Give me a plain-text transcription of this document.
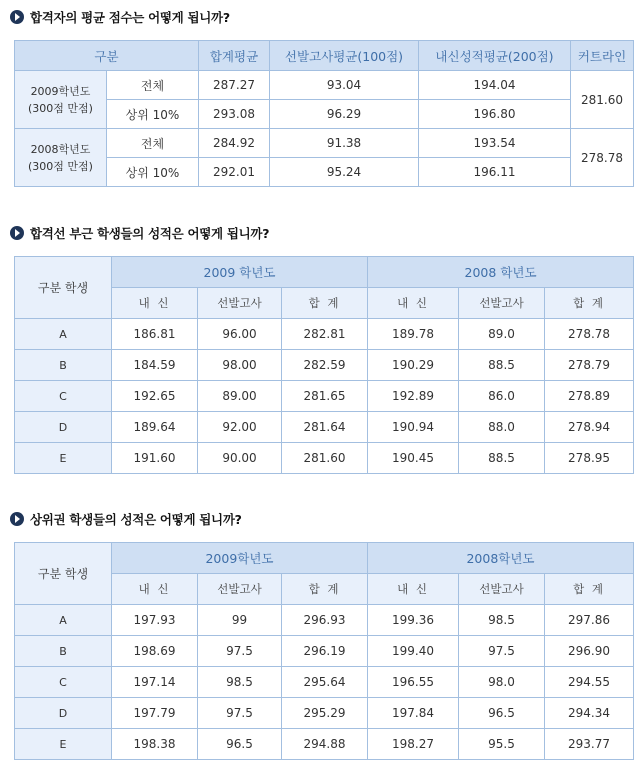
합격자의 평균 점수는 어떻게 됩니까?
구분		합계평균	선발고사평균(100점)	내신성적평균(200점)	커트라인
2009학년도
(300점 만점)	전체	287.27	93.04	194.04	281.60
	상위 10%	293.08	96.29	196.80	
2008학년도
(300점 만점)	전체	284.92	91.38	193.54	278.78
	상위 10%	292.01	95.24	196.11	
합격선 부근 학생들의 성적은 어떻게 됩니까?
구분 학생	2009 학년도			2008 학년도		
	내 신	선발고사	합 계	내 신	선발고사	합 계
A	186.81	96.00	282.81	189.78	89.0	278.78
B	184.59	98.00	282.59	190.29	88.5	278.79
C	192.65	89.00	281.65	192.89	86.0	278.89
D	189.64	92.00	281.64	190.94	88.0	278.94
E	191.60	90.00	281.60	190.45	88.5	278.95
상위권 학생들의 성적은 어떻게 됩니까?
구분 학생	2009학년도			2008학년도		
	내 신	선발고사	합 계	내 신	선발고사	합 계
A	197.93	99	296.93	199.36	98.5	297.86
B	198.69	97.5	296.19	199.40	97.5	296.90
C	197.14	98.5	295.64	196.55	98.0	294.55
D	197.79	97.5	295.29	197.84	96.5	294.34
E	198.38	96.5	294.88	198.27	95.5	293.77
